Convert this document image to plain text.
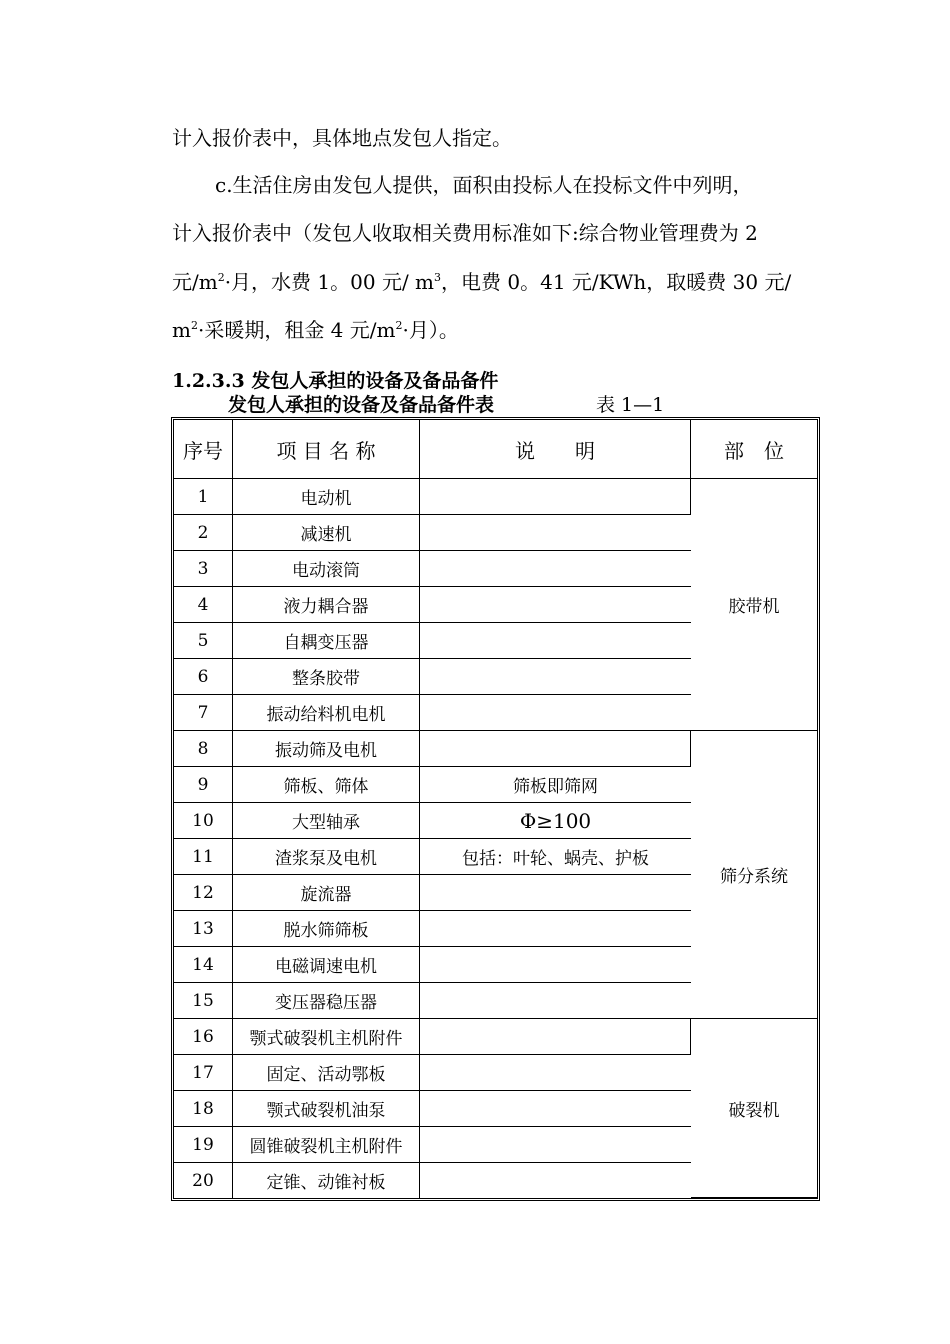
计入报价表中，具体地点发包人指定。
c.生活住房由发包人提供，面积由投标人在投标文件中列明，
计入报价表中（发包人收取相关费用标准如下:综合物业管理费为 2
元$/m^2\cdot$月，水费 1。00 元/ $m^3$，电费 0。41 元/KWh，取暖费 30 元/
$m^2\cdot$采暖期，租金 4 元$/m^2\cdot$月）。
1.2.3.3 发包人承担的设备及备品备件
发包人承担的设备及备品备件表	表 1—1
序号	项 目 名 称	说　　明	部　位
1	电动机		胶带机
2	减速机		
3	电动滚筒		
4	液力耦合器		
5	自耦变压器		
6	整条胶带		
7	振动给料机电机		
8	振动筛及电机		筛分系统
9	筛板、筛体	筛板即筛网	
10	大型轴承	Φ≥100	
11	渣浆泵及电机	包括：叶轮、蜗壳、护板	
12	旋流器		
13	脱水筛筛板		
14	电磁调速电机		
15	变压器稳压器		
16	颚式破裂机主机附件		破裂机
17	固定、活动鄂板		
18	颚式破裂机油泵		
19	圆锥破裂机主机附件		
20	定锥、动锥衬板		
